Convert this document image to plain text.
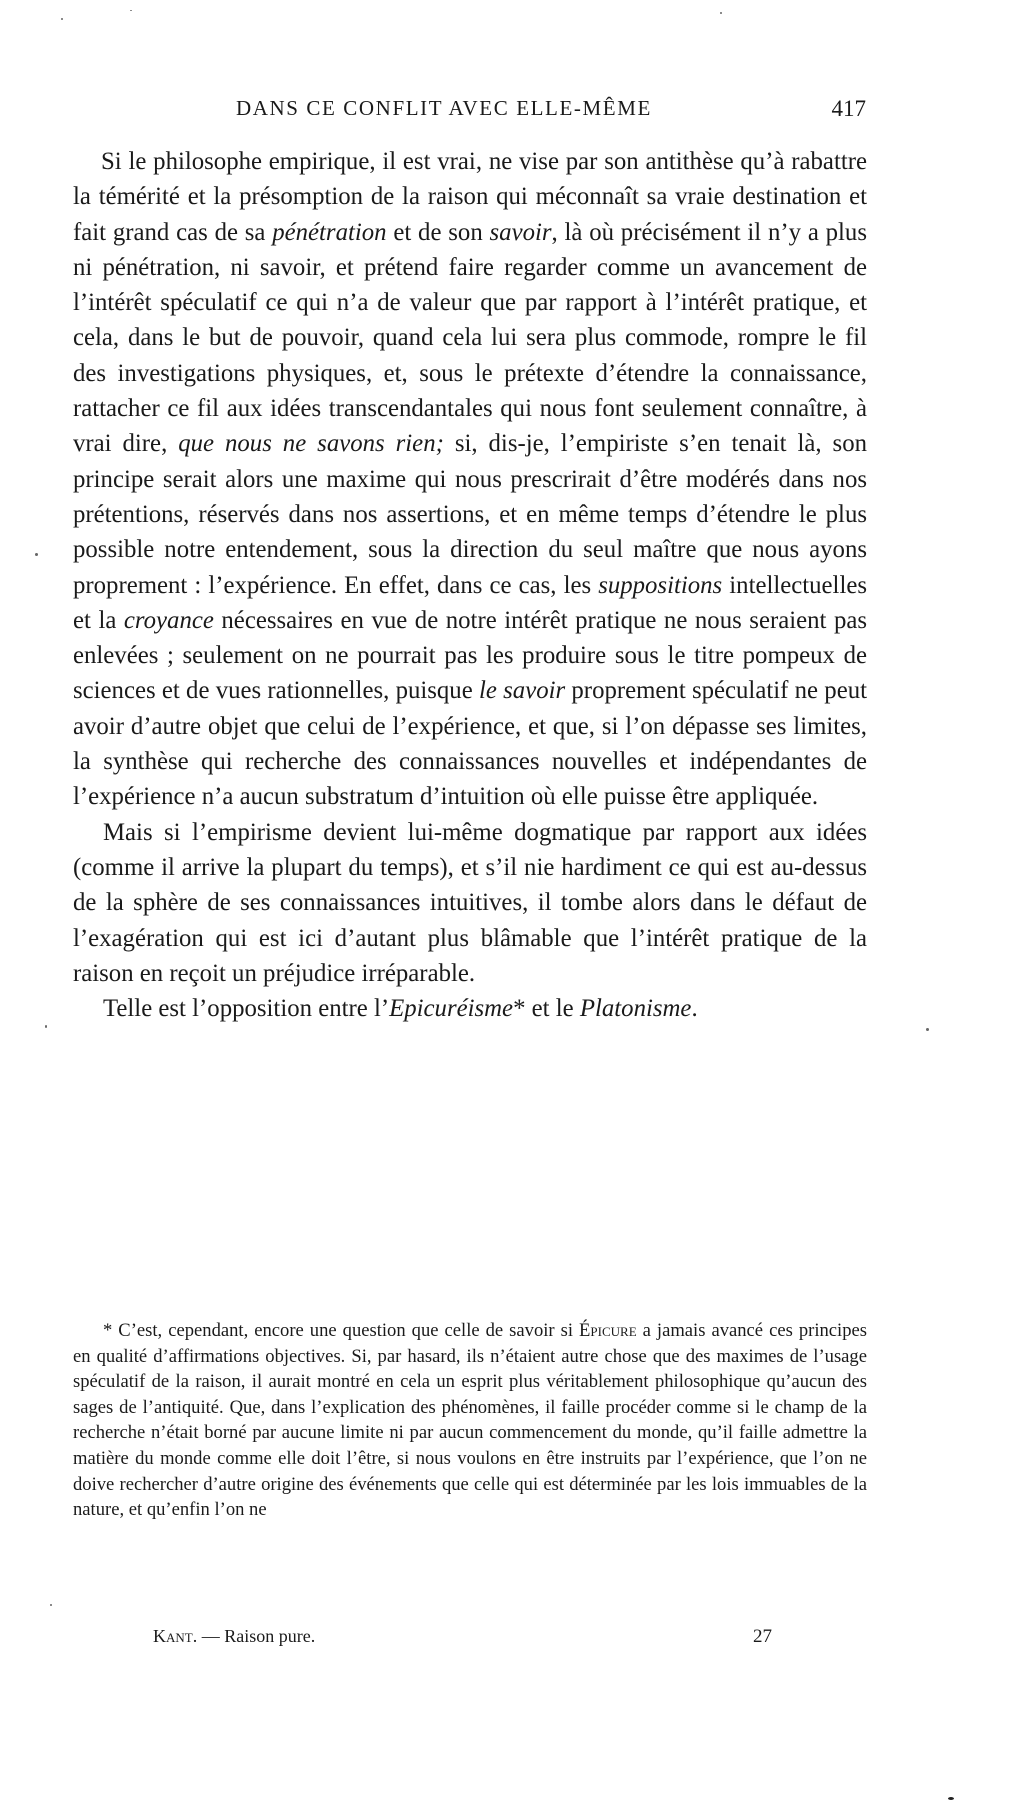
DANS CE CONFLIT AVEC ELLE-MÊME	417

Si le philosophe empirique, il est vrai, ne vise par son antithèse qu’à rabattre la témérité et la présomption de la raison qui méconnaît sa vraie destination et fait grand cas de sa pénétration et de son savoir, là où précisément il n’y a plus ni pénétration, ni savoir, et prétend faire regarder comme un avancement de l’intérêt spéculatif ce qui n’a de valeur que par rapport à l’intérêt pratique, et cela, dans le but de pouvoir, quand cela lui sera plus commode, rompre le fil des investigations physiques, et, sous le prétexte d’étendre la connaissance, rattacher ce fil aux idées transcendantales qui nous font seulement connaître, à vrai dire, que nous ne savons rien; si, dis-je, l’empiriste s’en tenait là, son principe serait alors une maxime qui nous prescrirait d’être modérés dans nos prétentions, réservés dans nos assertions, et en même temps d’étendre le plus possible notre entendement, sous la direction du seul maître que nous ayons proprement : l’expérience. En effet, dans ce cas, les suppositions intellectuelles et la croyance nécessaires en vue de notre intérêt pratique ne nous seraient pas enlevées ; seulement on ne pourrait pas les produire sous le titre pompeux de sciences et de vues rationnelles, puisque le savoir proprement spéculatif ne peut avoir d’autre objet que celui de l’expérience, et que, si l’on dépasse ses limites, la synthèse qui recherche des connaissances nouvelles et indépendantes de l’expérience n’a aucun substratum d’intuition où elle puisse être appliquée.

Mais si l’empirisme devient lui-même dogmatique par rapport aux idées (comme il arrive la plupart du temps), et s’il nie hardiment ce qui est au-dessus de la sphère de ses connaissances intuitives, il tombe alors dans le défaut de l’exagération qui est ici d’autant plus blâmable que l’intérêt pratique de la raison en reçoit un préjudice irréparable.

Telle est l’opposition entre l’Epicuréisme* et le Platonisme.

* C’est, cependant, encore une question que celle de savoir si Épicure a jamais avancé ces principes en qualité d’affirmations objectives. Si, par hasard, ils n’étaient autre chose que des maximes de l’usage spéculatif de la raison, il aurait montré en cela un esprit plus véritablement philosophique qu’aucun des sages de l’antiquité. Que, dans l’explication des phénomènes, il faille procéder comme si le champ de la recherche n’était borné par aucune limite ni par aucun commencement du monde, qu’il faille admettre la matière du monde comme elle doit l’être, si nous voulons en être instruits par l’expérience, que l’on ne doive rechercher d’autre origine des événements que celle qui est déterminée par les lois immuables de la nature, et qu’enfin l’on ne

Kant. — Raison pure.	27
